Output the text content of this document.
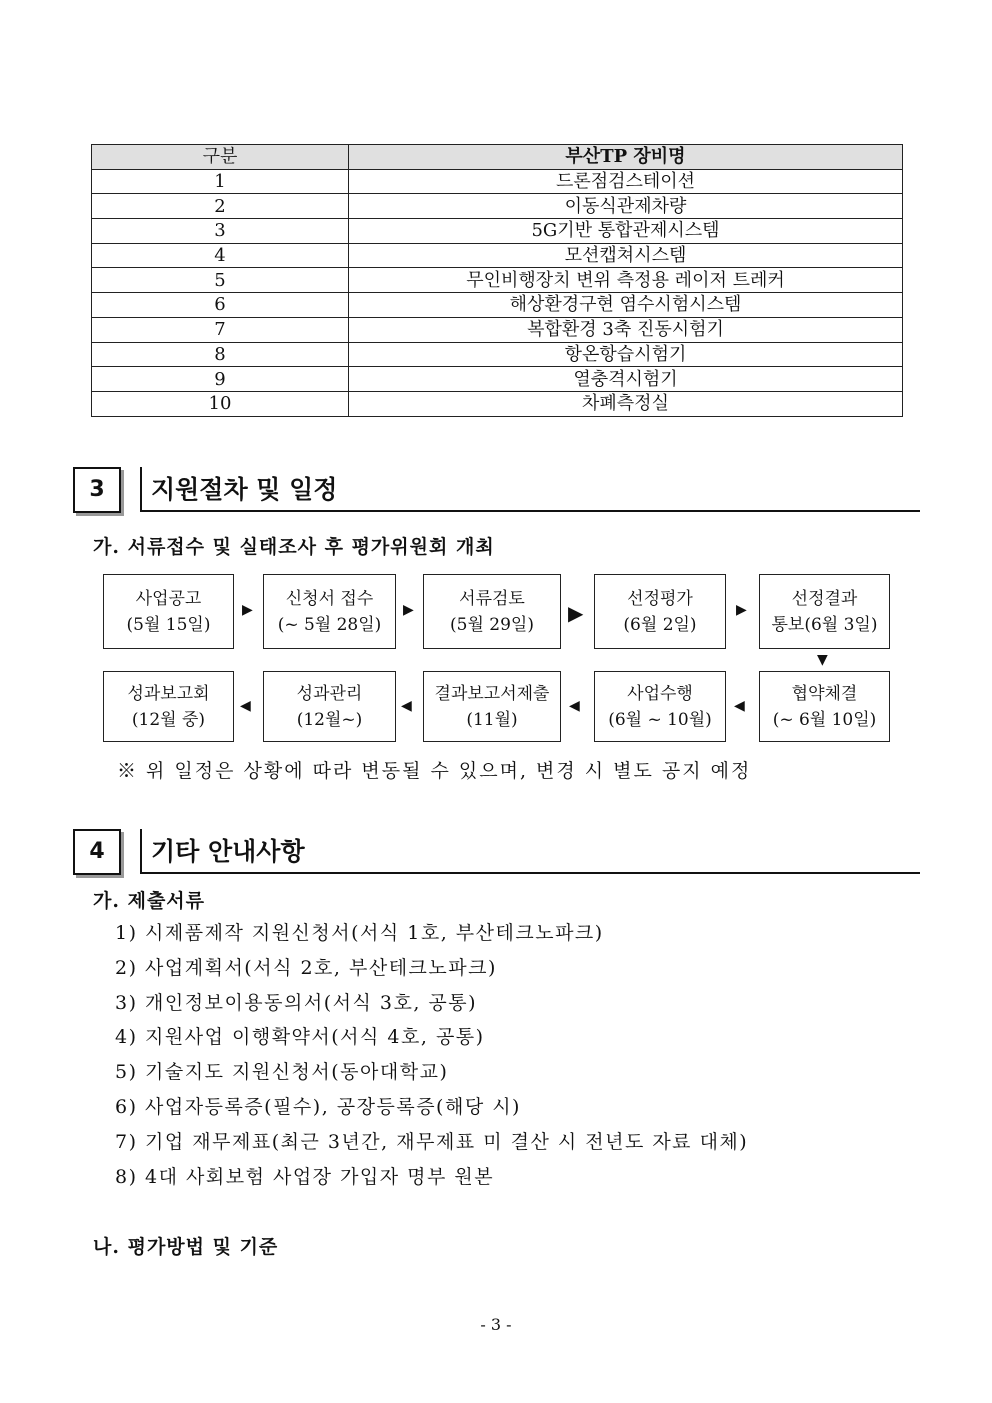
구분	부산TP 장비명
1	드론점검스테이션
2	이동식관제차량
3	5G기반 통합관제시스템
4	모션캡쳐시스템
5	무인비행장치 변위 측정용 레이저 트레커
6	해상환경구현 염수시험시스템
7	복합환경 3축 진동시험기
8	항온항습시험기
9	열충격시험기
10	차폐측정실
3	지원절차 및 일정
가. 서류접수 및 실태조사 후 평가위원회 개최
사업공고
(5월 15일)
▶
신청서 접수
(~ 5월 28일)
▶
서류검토
(5월 29일)	▶
선정평가
(6월 2일)
▶
선정결과
통보(6월 3일)
▼
성과보고회
(12월 중)
◀
성과관리
(12월~)
◀
결과보고서제출
(11월)
◀
사업수행
(6월 ~ 10월)
◀
협약체결
(~ 6월 10일)
※ 위 일정은 상황에 따라 변동될 수 있으며, 변경 시 별도 공지 예정
4	기타 안내사항
가. 제출서류
1) 시제품제작 지원신청서(서식 1호, 부산테크노파크)
2) 사업계획서(서식 2호, 부산테크노파크)
3) 개인정보이용동의서(서식 3호, 공통)
4) 지원사업 이행확약서(서식 4호, 공통)
5) 기술지도 지원신청서(동아대학교)
6) 사업자등록증(필수), 공장등록증(해당 시)
7) 기업 재무제표(최근 3년간, 재무제표 미 결산 시 전년도 자료 대체)
8) 4대 사회보험 사업장 가입자 명부 원본
나. 평가방법 및 기준
- 3 -
